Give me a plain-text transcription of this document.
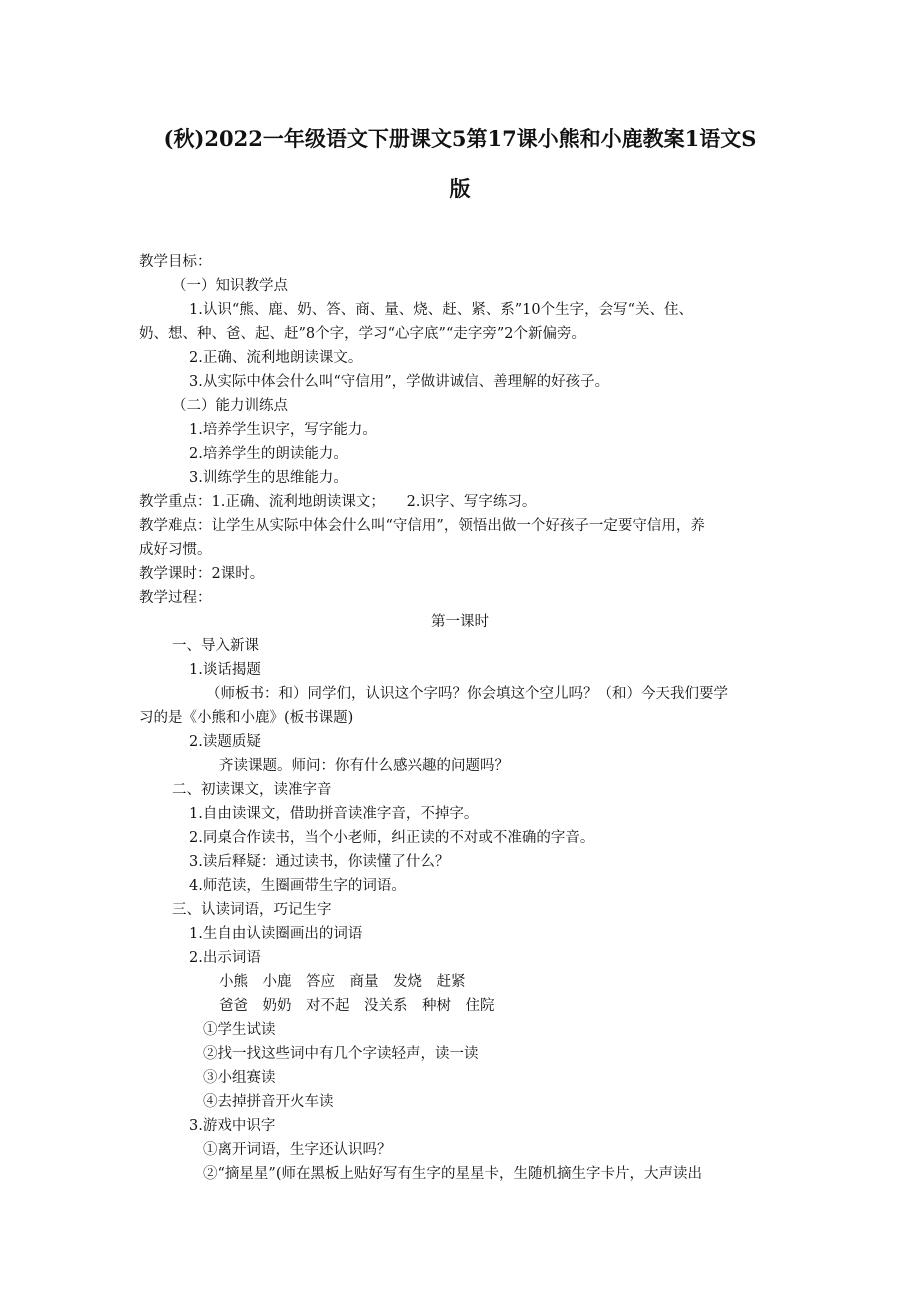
(秋)2022一年级语文下册课文5第17课小熊和小鹿教案1语文S
版
教学目标：
（一）知识教学点
1.认识“熊、鹿、奶、答、商、量、烧、赶、紧、系”10个生字，会写“关、住、
奶、想、种、爸、起、赶”8个字，学习“心字底”“走字旁”2个新偏旁。
2.正确、流利地朗读课文。
3.从实际中体会什么叫“守信用”，学做讲诚信、善理解的好孩子。
（二）能力训练点
1.培养学生识字，写字能力。
2.培养学生的朗读能力。
3.训练学生的思维能力。
教学重点：1.正确、流利地朗读课文；　　2.识字、写字练习。
教学难点：让学生从实际中体会什么叫“守信用”，领悟出做一个好孩子一定要守信用，养
成好习惯。
教学课时：2课时。
教学过程：
第一课时
一、导入新课
1.谈话揭题
（师板书：和）同学们，认识这个字吗？你会填这个空儿吗？（和）今天我们要学
习的是《小熊和小鹿》(板书课题)
2.读题质疑
齐读课题。师问：你有什么感兴趣的问题吗？
二、初读课文，读准字音
1.自由读课文，借助拼音读准字音，不掉字。
2.同桌合作读书，当个小老师，纠正读的不对或不准确的字音。
3.读后释疑：通过读书，你读懂了什么？
4.师范读，生圈画带生字的词语。
三、认读词语，巧记生字
1.生自由认读圈画出的词语
2.出示词语
小熊　小鹿　答应　商量　发烧　赶紧
爸爸　奶奶　对不起　没关系　种树　住院
①学生试读
②找一找这些词中有几个字读轻声，读一读
③小组赛读
④去掉拼音开火车读
3.游戏中识字
①离开词语，生字还认识吗？
②“摘星星”(师在黑板上贴好写有生字的星星卡，生随机摘生字卡片，大声读出
